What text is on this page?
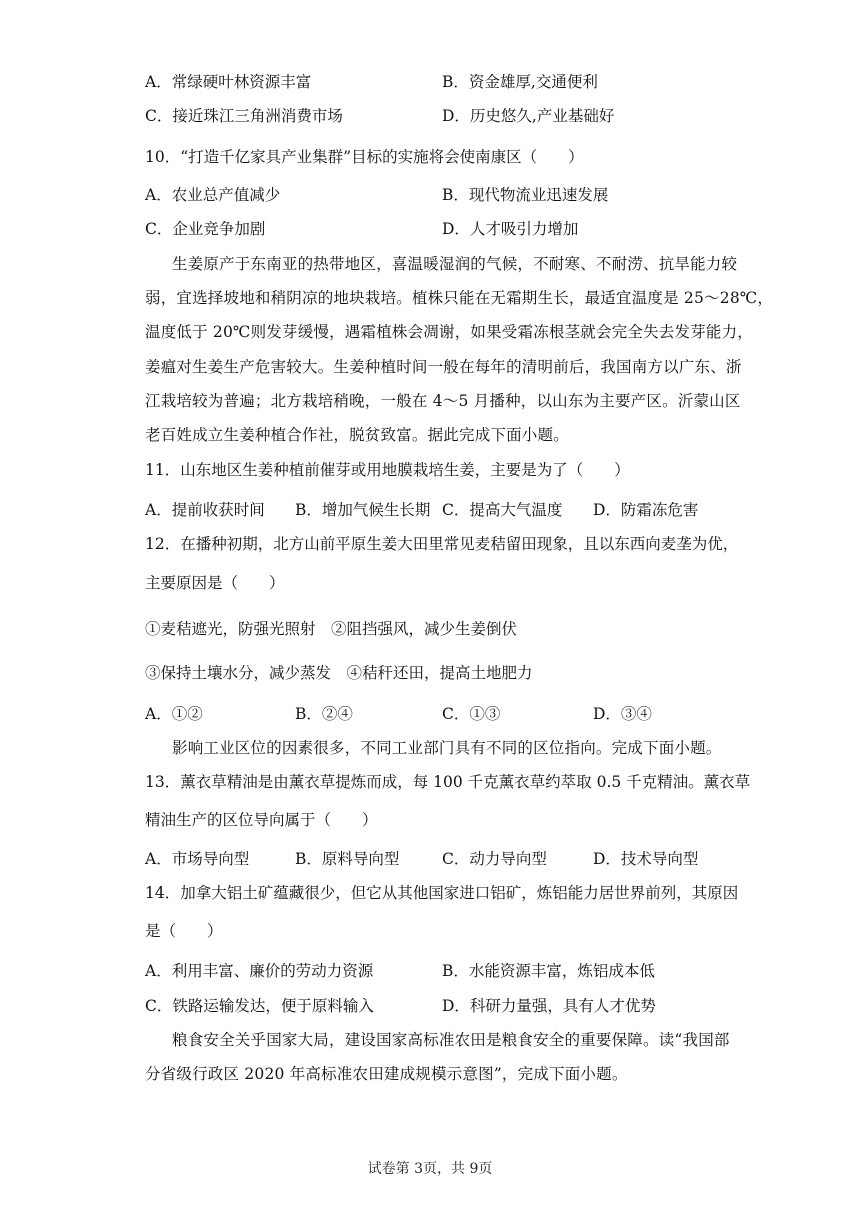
A．常绿硬叶林资源丰富	B．资金雄厚,交通便利
C．接近珠江三角洲消费市场	D．历史悠久,产业基础好
10．“打造千亿家具产业集群”目标的实施将会使南康区（　　）
A．农业总产值减少	B．现代物流业迅速发展
C．企业竞争加剧	D．人才吸引力增加
生姜原产于东南亚的热带地区，喜温暖湿润的气候，不耐寒、不耐涝、抗旱能力较
弱，宜选择坡地和稍阴凉的地块栽培。植株只能在无霜期生长，最适宜温度是 25～28℃，
温度低于 20℃则发芽缓慢，遇霜植株会凋谢，如果受霜冻根茎就会完全失去发芽能力，
姜瘟对生姜生产危害较大。生姜种植时间一般在每年的清明前后，我国南方以广东、浙
江栽培较为普遍；北方栽培稍晚，一般在 4～5 月播种，以山东为主要产区。沂蒙山区
老百姓成立生姜种植合作社，脱贫致富。据此完成下面小题。
11．山东地区生姜种植前催芽或用地膜栽培生姜，主要是为了（　　）
A．提前收获时间 B．增加气候生长期 C．提高大气温度 D．防霜冻危害
12．在播种初期，北方山前平原生姜大田里常见麦秸留田现象，且以东西向麦垄为优，
主要原因是（　　）
①麦秸遮光，防强光照射　②阻挡强风，减少生姜倒伏
③保持土壤水分，减少蒸发　④秸秆还田，提高土地肥力
A．①②	B．②④	C．①③	D．③④
影响工业区位的因素很多，不同工业部门具有不同的区位指向。完成下面小题。
13．薰衣草精油是由薰衣草提炼而成，每 100 千克薰衣草约萃取 0.5 千克精油。薰衣草
精油生产的区位导向属于（　　）
A．市场导向型	B．原料导向型	C．动力导向型	D．技术导向型
14．加拿大铝土矿蕴藏很少，但它从其他国家进口铝矿，炼铝能力居世界前列，其原因
是（　　）
A．利用丰富、廉价的劳动力资源	B．水能资源丰富，炼铝成本低
C．铁路运输发达，便于原料输入	D．科研力量强，具有人才优势
粮食安全关乎国家大局，建设国家高标准农田是粮食安全的重要保障。读“我国部
分省级行政区 2020 年高标准农田建成规模示意图”，完成下面小题。
试卷第 3页，共 9页
